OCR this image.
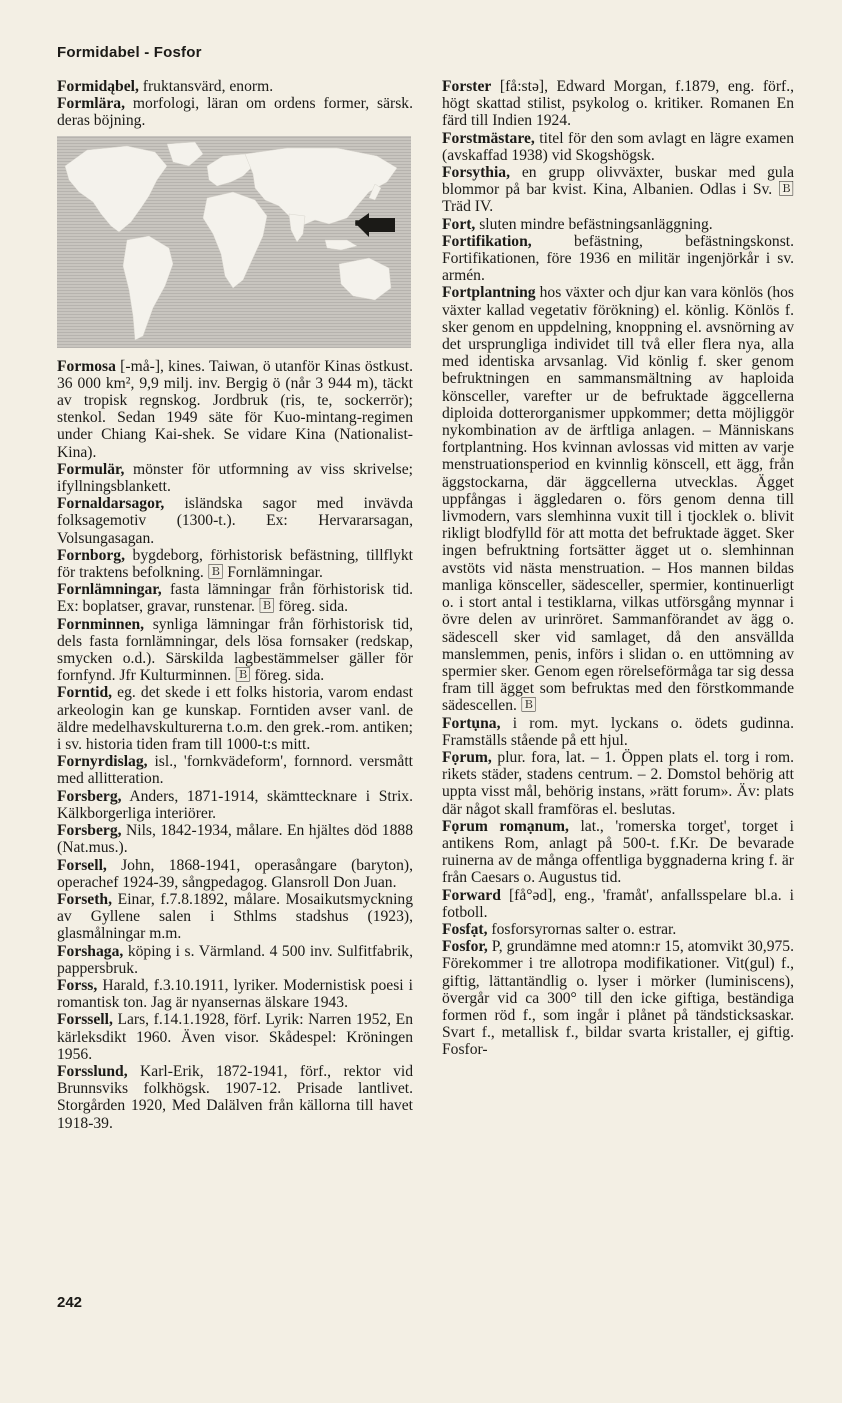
Formidabel - Fosfor

Formidąbel, fruktansvärd, enorm.

Formlära, morfologi, läran om ordens former, särsk. deras böjning.

Formosa [-må-], kines. Taiwan, ö utanför Kinas östkust. 36 000 km², 9,9 milj. inv. Bergig ö (når 3 944 m), täckt av tropisk regnskog. Jordbruk (ris, te, sockerrör); stenkol. Sedan 1949 säte för Kuo-mintang-regimen under Chiang Kai-shek. Se vidare Kina (Nationalist-Kina).

Formulär, mönster för utformning av viss skrivelse; ifyllningsblankett.

Fornaldarsagor, isländska sagor med invävda folksagemotiv (1300-t.). Ex: Hervararsagan, Volsungasagan.

Fornborg, bygdeborg, förhistorisk befästning, tillflykt för traktens befolkning. 🄱 Fornlämningar.

Fornlämningar, fasta lämningar från förhistorisk tid. Ex: boplatser, gravar, runstenar. 🄱 föreg. sida.

Fornminnen, synliga lämningar från förhistorisk tid, dels fasta fornlämningar, dels lösa fornsaker (redskap, smycken o.d.). Särskilda lagbestämmelser gäller för fornfynd. Jfr Kulturminnen. 🄱 föreg. sida.

Forntid, eg. det skede i ett folks historia, varom endast arkeologin kan ge kunskap. Forntiden avser vanl. de äldre medelhavskulturerna t.o.m. den grek.-rom. antiken; i sv. historia tiden fram till 1000-t:s mitt.

Fornyrdislag, isl., 'fornkvädeform', fornnord. versmått med allitteration.

Forsberg, Anders, 1871-1914, skämttecknare i Strix. Kälkborgerliga interiörer.

Forsberg, Nils, 1842-1934, målare. En hjältes död 1888 (Nat.mus.).

Forsell, John, 1868-1941, operasångare (baryton), operachef 1924-39, sångpedagog. Glansroll Don Juan.

Forseth, Einar, f.7.8.1892, målare. Mosaikutsmyckning av Gyllene salen i Sthlms stadshus (1923), glasmålningar m.m.

Forshaga, köping i s. Värmland. 4 500 inv. Sulfitfabrik, pappersbruk.

Forss, Harald, f.3.10.1911, lyriker. Modernistisk poesi i romantisk ton. Jag är nyansernas älskare 1943.

Forssell, Lars, f.14.1.1928, förf. Lyrik: Narren 1952, En kärleksdikt 1960. Även visor. Skådespel: Kröningen 1956.

Forsslund, Karl-Erik, 1872-1941, förf., rektor vid Brunnsviks folkhögsk. 1907-12. Prisade lantlivet. Storgården 1920, Med Dalälven från källorna till havet 1918-39.

Forster [få:stə], Edward Morgan, f.1879, eng. förf., högt skattad stilist, psykolog o. kritiker. Romanen En färd till Indien 1924.

Forstmästare, titel för den som avlagt en lägre examen (avskaffad 1938) vid Skogshögsk.

Forsythia, en grupp olivväxter, buskar med gula blommor på bar kvist. Kina, Albanien. Odlas i Sv. 🄱 Träd IV.

Fort, sluten mindre befästningsanläggning.

Fortifikation, befästning, befästningskonst. Fortifikationen, före 1936 en militär ingenjörkår i sv. armén.

Fortplantning hos växter och djur kan vara könlös (hos växter kallad vegetativ förökning) el. könlig. Könlös f. sker genom en uppdelning, knoppning el. avsnörning av det ursprungliga individet till två eller flera nya, alla med identiska arvsanlag. Vid könlig f. sker genom befruktningen en sammansmältning av haploida könsceller, varefter ur de befruktade äggcellerna diploida dotterorganismer uppkommer; detta möjliggör nykombination av de ärftliga anlagen. – Människans fortplantning. Hos kvinnan avlossas vid mitten av varje menstruationsperiod en kvinnlig könscell, ett ägg, från äggstockarna, där äggcellerna utvecklas. Ägget uppfångas i äggledaren o. förs genom denna till livmodern, vars slemhinna vuxit till i tjocklek o. blivit rikligt blodfylld för att motta det befruktade ägget. Sker ingen befruktning fortsätter ägget ut o. slemhinnan avstöts vid nästa menstruation. – Hos mannen bildas manliga könsceller, sädesceller, spermier, kontinuerligt o. i stort antal i testiklarna, vilkas utförsgång mynnar i övre delen av urinröret. Sammanförandet av ägg o. sädescell sker vid samlaget, då den ansvällda manslemmen, penis, införs i slidan o. en uttömning av spermier sker. Genom egen rörelseförmåga tar sig dessa fram till ägget som befruktas med den förstkommande sädescellen. 🄱

Fortụna, i rom. myt. lyckans o. ödets gudinna. Framställs stående på ett hjul.

Fọrum, plur. fora, lat. – 1. Öppen plats el. torg i rom. rikets städer, stadens centrum. – 2. Domstol behörig att uppta visst mål, behörig instans, »rätt forum». Äv: plats där något skall framföras el. beslutas.

Fọrum romạnum, lat., 'romerska torget', torget i antikens Rom, anlagt på 500-t. f.Kr. De bevarade ruinerna av de många offentliga byggnaderna kring f. är från Caesars o. Augustus tid.

Forward [få°əd], eng., 'framåt', anfallsspelare bl.a. i fotboll.

Fosfạt, fosforsyrornas salter o. estrar.

Fosfor, P, grundämne med atomn:r 15, atomvikt 30,975. Förekommer i tre allotropa modifikationer. Vit(gul) f., giftig, lättantändlig o. lyser i mörker (luminiscens), övergår vid ca 300° till den icke giftiga, beständiga formen röd f., som ingår i plånet på tändsticksaskar. Svart f., metallisk f., bildar svarta kristaller, ej giftig. Fosfor-

242
